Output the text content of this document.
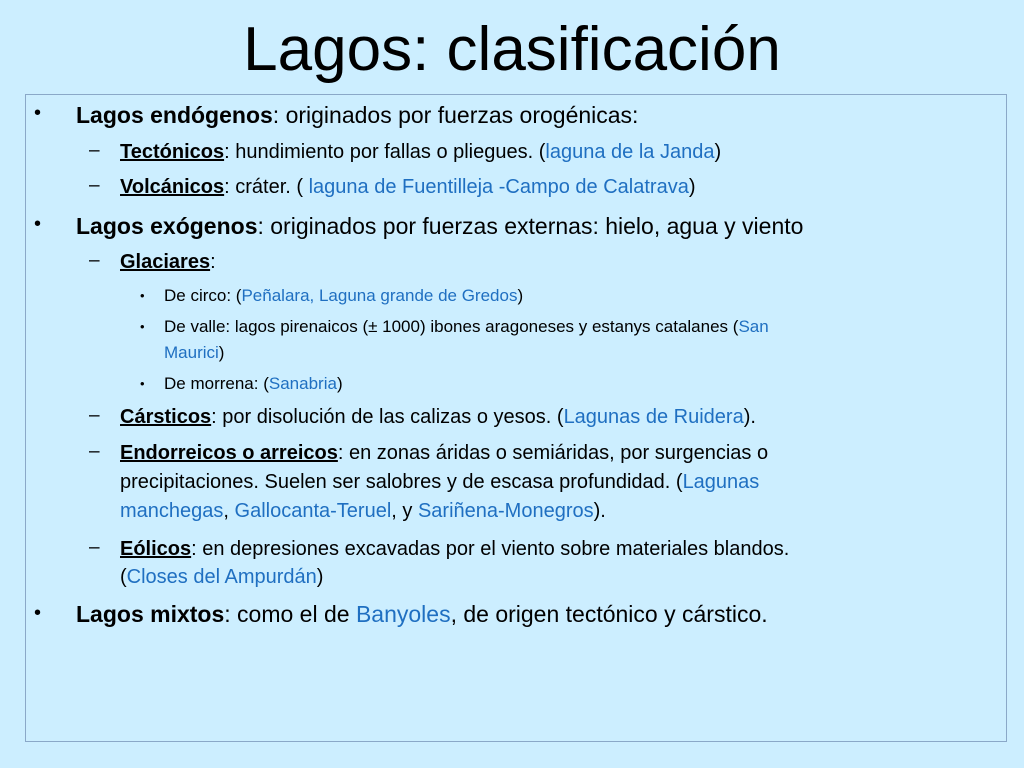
Lagos: clasificación
• Lagos endógenos: originados por fuerzas orogénicas:
– Tectónicos: hundimiento por fallas o pliegues. (laguna de la Janda)
– Volcánicos: cráter. ( laguna de Fuentilleja -Campo de Calatrava)
• Lagos exógenos: originados por fuerzas externas: hielo, agua y viento
– Glaciares:
• De circo: (Peñalara, Laguna grande de Gredos)
• De valle: lagos pirenaicos (± 1000) ibones aragoneses y estanys catalanes (San
Maurici)
• De morrena: (Sanabria)
– Cársticos: por disolución de las calizas o yesos. (Lagunas de Ruidera).
– Endorreicos o arreicos: en zonas áridas o semiáridas, por surgencias o
precipitaciones. Suelen ser salobres y de escasa profundidad. (Lagunas
manchegas, Gallocanta-Teruel, y Sariñena-Monegros).
– Eólicos: en depresiones excavadas por el viento sobre materiales blandos.
(Closes del Ampurdán)
• Lagos mixtos: como el de Banyoles, de origen tectónico y cárstico.
